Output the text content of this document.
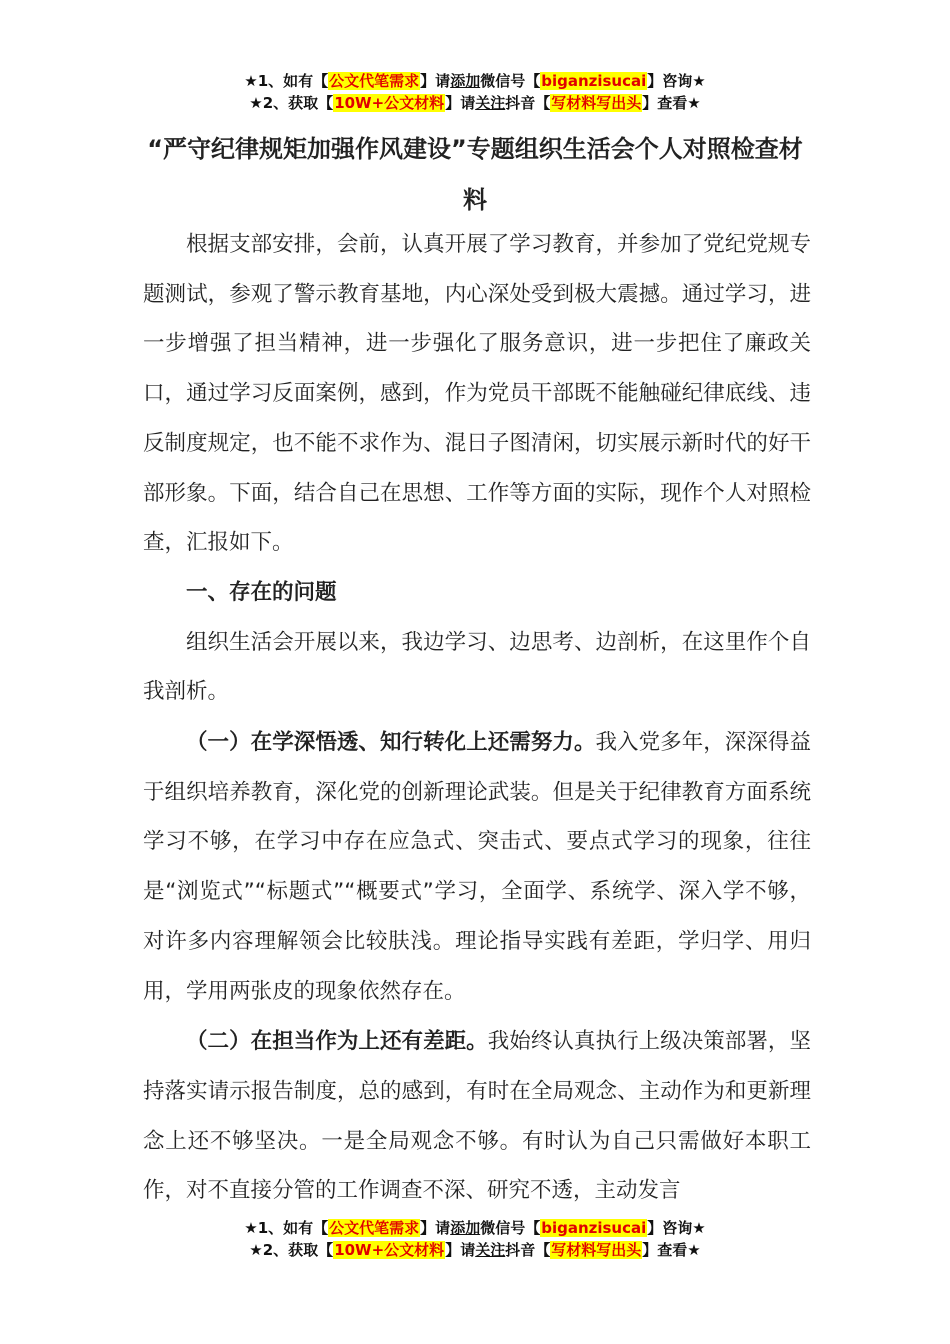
★1、如有【公文代笔需求】请添加微信号【biganzisucai】咨询★
★2、获取【10W+公文材料】请关注抖音【写材料写出头】查看★
“严守纪律规矩加强作风建设”专题组织生活会个人对照检查材料

根据支部安排，会前，认真开展了学习教育，并参加了党纪党规专题测试，参观了警示教育基地，内心深处受到极大震撼。通过学习，进一步增强了担当精神，进一步强化了服务意识，进一步把住了廉政关口，通过学习反面案例，感到，作为党员干部既不能触碰纪律底线、违反制度规定，也不能不求作为、混日子图清闲，切实展示新时代的好干部形象。下面，结合自己在思想、工作等方面的实际，现作个人对照检查，汇报如下。

一、存在的问题

组织生活会开展以来，我边学习、边思考、边剖析，在这里作个自我剖析。

（一）在学深悟透、知行转化上还需努力。我入党多年，深深得益于组织培养教育，深化党的创新理论武装。但是关于纪律教育方面系统学习不够，在学习中存在应急式、突击式、要点式学习的现象，往往是“浏览式”“标题式”“概要式”学习，全面学、系统学、深入学不够，对许多内容理解领会比较肤浅。理论指导实践有差距，学归学、用归用，学用两张皮的现象依然存在。

（二）在担当作为上还有差距。我始终认真执行上级决策部署，坚持落实请示报告制度，总的感到，有时在全局观念、主动作为和更新理念上还不够坚决。一是全局观念不够。有时认为自己只需做好本职工作，对不直接分管的工作调查不深、研究不透，主动发言

★1、如有【公文代笔需求】请添加微信号【biganzisucai】咨询★
★2、获取【10W+公文材料】请关注抖音【写材料写出头】查看★
